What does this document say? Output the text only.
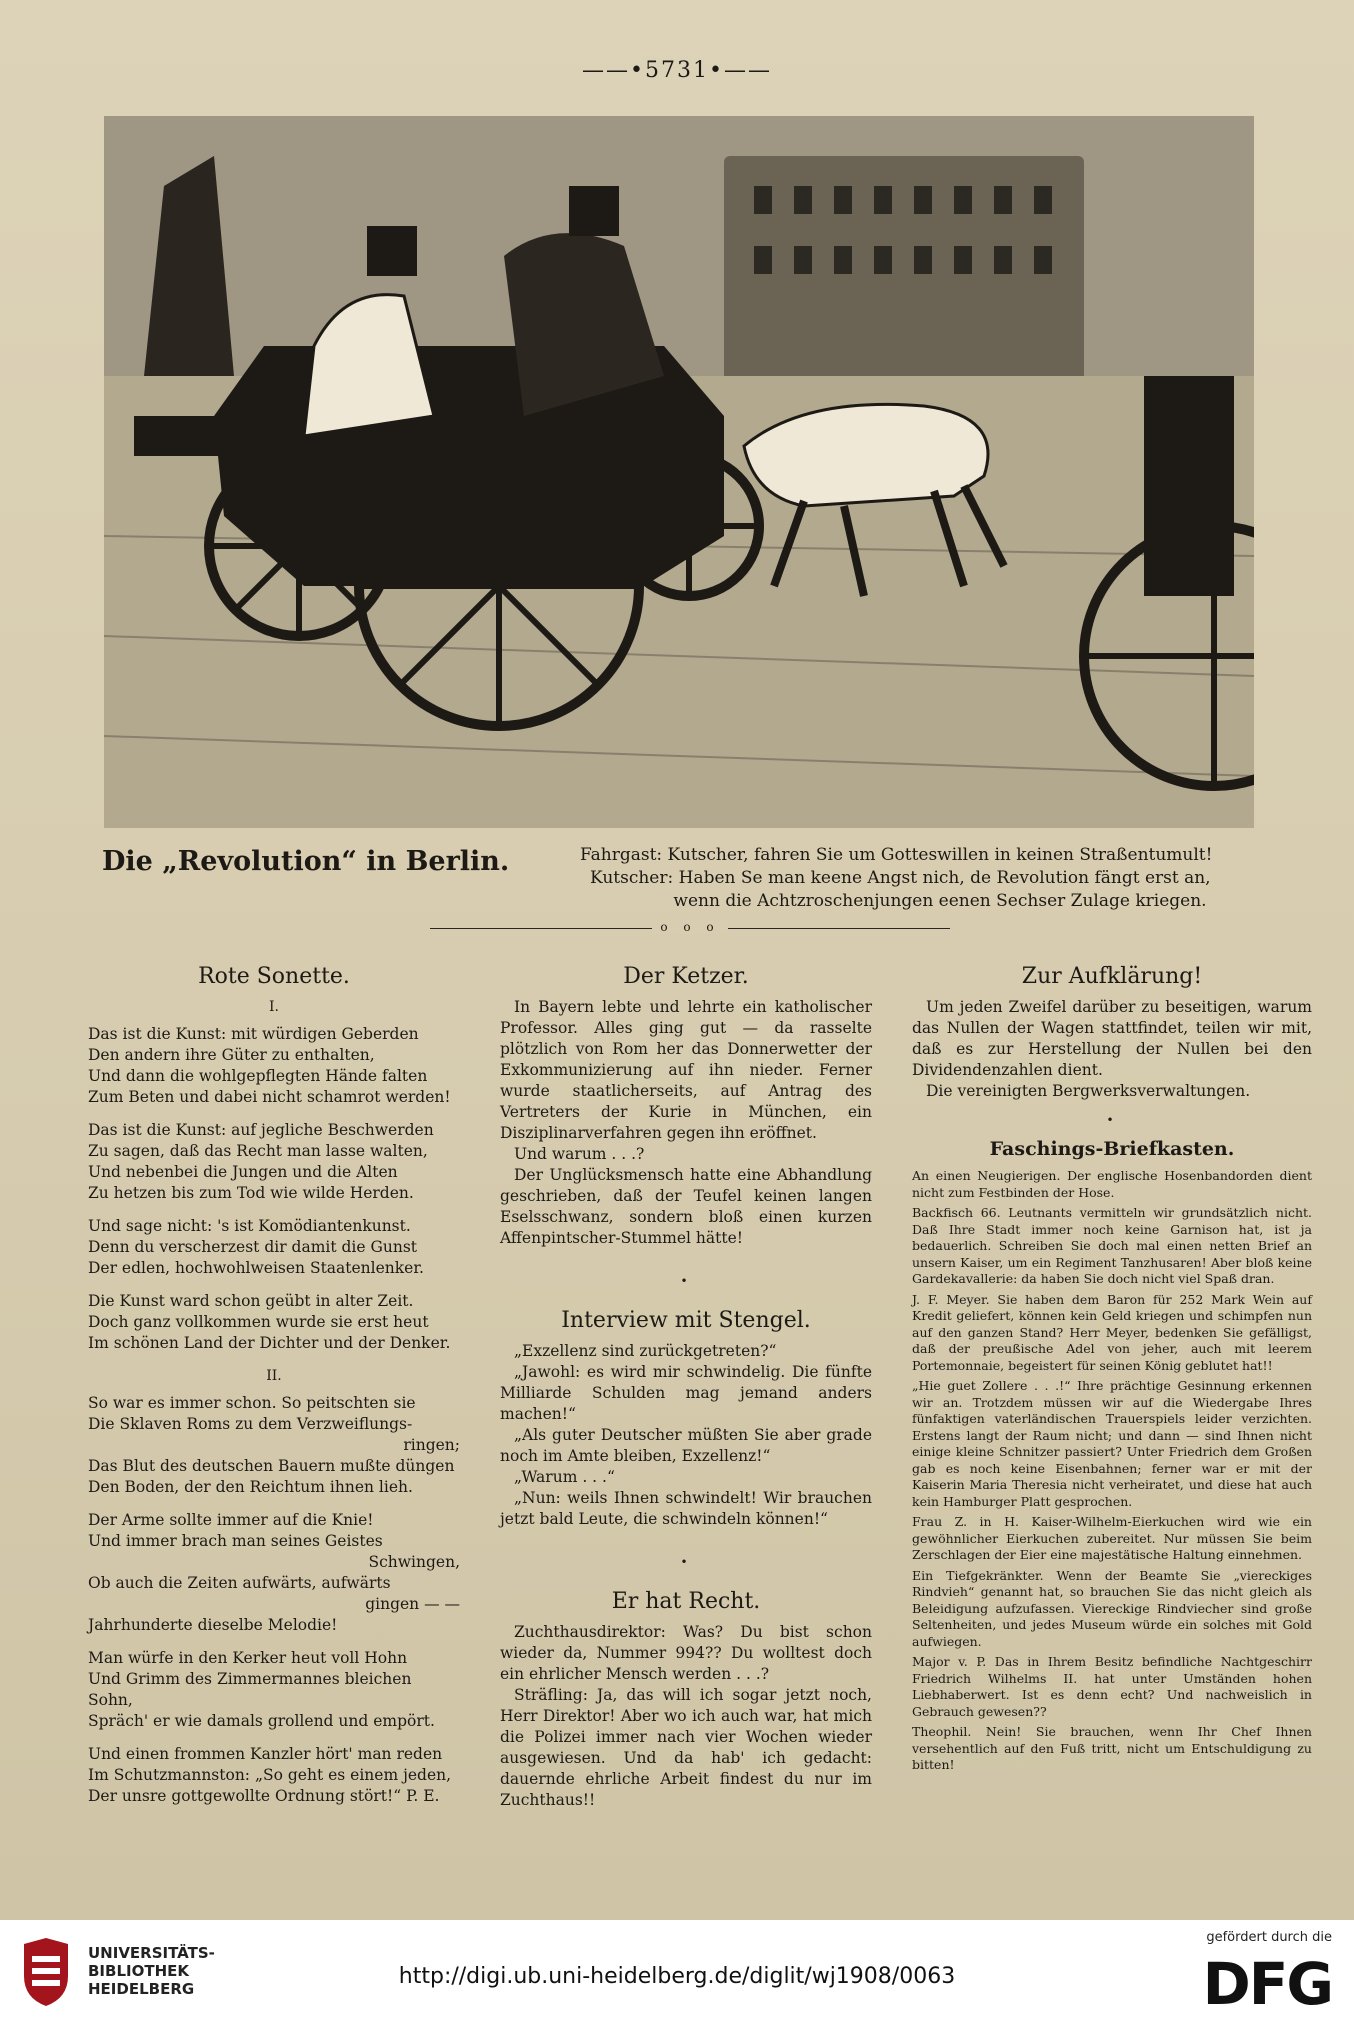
——•5731•——
Die „Revolution“ in Berlin.	Fahrgast: Kutscher, fahren Sie um Gotteswillen in keinen Straßentumult!

Kutscher: Haben Se man keene Angst nich, de Revolution fängt erst an,

wenn die Achtzroschenjungen eenen Sechser Zulage kriegen.

o o o
Rote Sonette.
I.

Das ist die Kunst: mit würdigen Geberden

Den andern ihre Güter zu enthalten,

Und dann die wohlgepflegten Hände falten

Zum Beten und dabei nicht schamrot werden!

Das ist die Kunst: auf jegliche Beschwerden

Zu sagen, daß das Recht man lasse walten,

Und nebenbei die Jungen und die Alten

Zu hetzen bis zum Tod wie wilde Herden.

Und sage nicht: 's ist Komödiantenkunst.

Denn du verscherzest dir damit die Gunst

Der edlen, hochwohlweisen Staatenlenker.

Die Kunst ward schon geübt in alter Zeit.

Doch ganz vollkommen wurde sie erst heut

Im schönen Land der Dichter und der Denker.

II.

So war es immer schon. So peitschten sie

Die Sklaven Roms zu dem Verzweiflungs-

ringen;

Das Blut des deutschen Bauern mußte düngen

Den Boden, der den Reichtum ihnen lieh.

Der Arme sollte immer auf die Knie!

Und immer brach man seines Geistes

Schwingen,

Ob auch die Zeiten aufwärts, aufwärts

gingen — —

Jahrhunderte dieselbe Melodie!

Man würfe in den Kerker heut voll Hohn

Und Grimm des Zimmermannes bleichen Sohn,

Spräch' er wie damals grollend und empört.

Und einen frommen Kanzler hört' man reden

Im Schutzmannston: „So geht es einem jeden,

Der unsre gottgewollte Ordnung stört!“ P. E.

Der Ketzer.

In Bayern lebte und lehrte ein katholischer Professor. Alles ging gut — da rasselte plötzlich von Rom her das Donnerwetter der Exkommunizierung auf ihn nieder. Ferner wurde staatlicherseits, auf Antrag des Vertreters der Kurie in München, ein Disziplinarverfahren gegen ihn eröffnet.

Und warum . . .?

Der Unglücksmensch hatte eine Abhandlung geschrieben, daß der Teufel keinen langen Eselsschwanz, sondern bloß einen kurzen Affenpintscher-Stummel hätte!

•
Interview mit Stengel.

„Exzellenz sind zurückgetreten?“

„Jawohl: es wird mir schwindelig. Die fünfte Milliarde Schulden mag jemand anders machen!“

„Als guter Deutscher müßten Sie aber grade noch im Amte bleiben, Exzellenz!“

„Warum . . .“

„Nun: weils Ihnen schwindelt! Wir brauchen jetzt bald Leute, die schwindeln können!“

•
Er hat Recht.

Zuchthausdirektor: Was? Du bist schon wieder da, Nummer 994?? Du wolltest doch ein ehrlicher Mensch werden . . .?

Sträfling: Ja, das will ich sogar jetzt noch, Herr Direktor! Aber wo ich auch war, hat mich die Polizei immer nach vier Wochen wieder ausgewiesen. Und da hab' ich gedacht: dauernde ehrliche Arbeit findest du nur im Zuchthaus!!

Zur Aufklärung!

Um jeden Zweifel darüber zu beseitigen, warum das Nullen der Wagen stattfindet, teilen wir mit, daß es zur Herstellung der Nullen bei den Dividendenzahlen dient.

Die vereinigten Bergwerksverwaltungen.

•
Faschings-Briefkasten.

An einen Neugierigen. Der englische Hosenbandorden dient nicht zum Festbinden der Hose.

Backfisch 66. Leutnants vermitteln wir grundsätzlich nicht. Daß Ihre Stadt immer noch keine Garnison hat, ist ja bedauerlich. Schreiben Sie doch mal einen netten Brief an unsern Kaiser, um ein Regiment Tanzhusaren! Aber bloß keine Gardekavallerie: da haben Sie doch nicht viel Spaß dran.

J. F. Meyer. Sie haben dem Baron für 252 Mark Wein auf Kredit geliefert, können kein Geld kriegen und schimpfen nun auf den ganzen Stand? Herr Meyer, bedenken Sie gefälligst, daß der preußische Adel von jeher, auch mit leerem Portemonnaie, begeistert für seinen König geblutet hat!!

„Hie guet Zollere . . .!“ Ihre prächtige Gesinnung erkennen wir an. Trotzdem müssen wir auf die Wiedergabe Ihres fünfaktigen vaterländischen Trauerspiels leider verzichten. Erstens langt der Raum nicht; und dann — sind Ihnen nicht einige kleine Schnitzer passiert? Unter Friedrich dem Großen gab es noch keine Eisenbahnen; ferner war er mit der Kaiserin Maria Theresia nicht verheiratet, und diese hat auch kein Hamburger Platt gesprochen.

Frau Z. in H. Kaiser-Wilhelm-Eierkuchen wird wie ein gewöhnlicher Eierkuchen zubereitet. Nur müssen Sie beim Zerschlagen der Eier eine majestätische Haltung einnehmen.

Ein Tiefgekränkter. Wenn der Beamte Sie „viereckiges Rindvieh“ genannt hat, so brauchen Sie das nicht gleich als Beleidigung aufzufassen. Viereckige Rindviecher sind große Seltenheiten, und jedes Museum würde ein solches mit Gold aufwiegen.

Major v. P. Das in Ihrem Besitz befindliche Nachtgeschirr Friedrich Wilhelms II. hat unter Umständen hohen Liebhaberwert. Ist es denn echt? Und nachweislich in Gebrauch gewesen??

Theophil. Nein! Sie brauchen, wenn Ihr Chef Ihnen versehentlich auf den Fuß tritt, nicht um Entschuldigung zu bitten!

UNIVERSITÄTS-
BIBLIOTHEK
HEIDELBERG	http://digi.ub.uni-heidelberg.de/diglit/wj1908/0063
gefördert durch die
DFG
